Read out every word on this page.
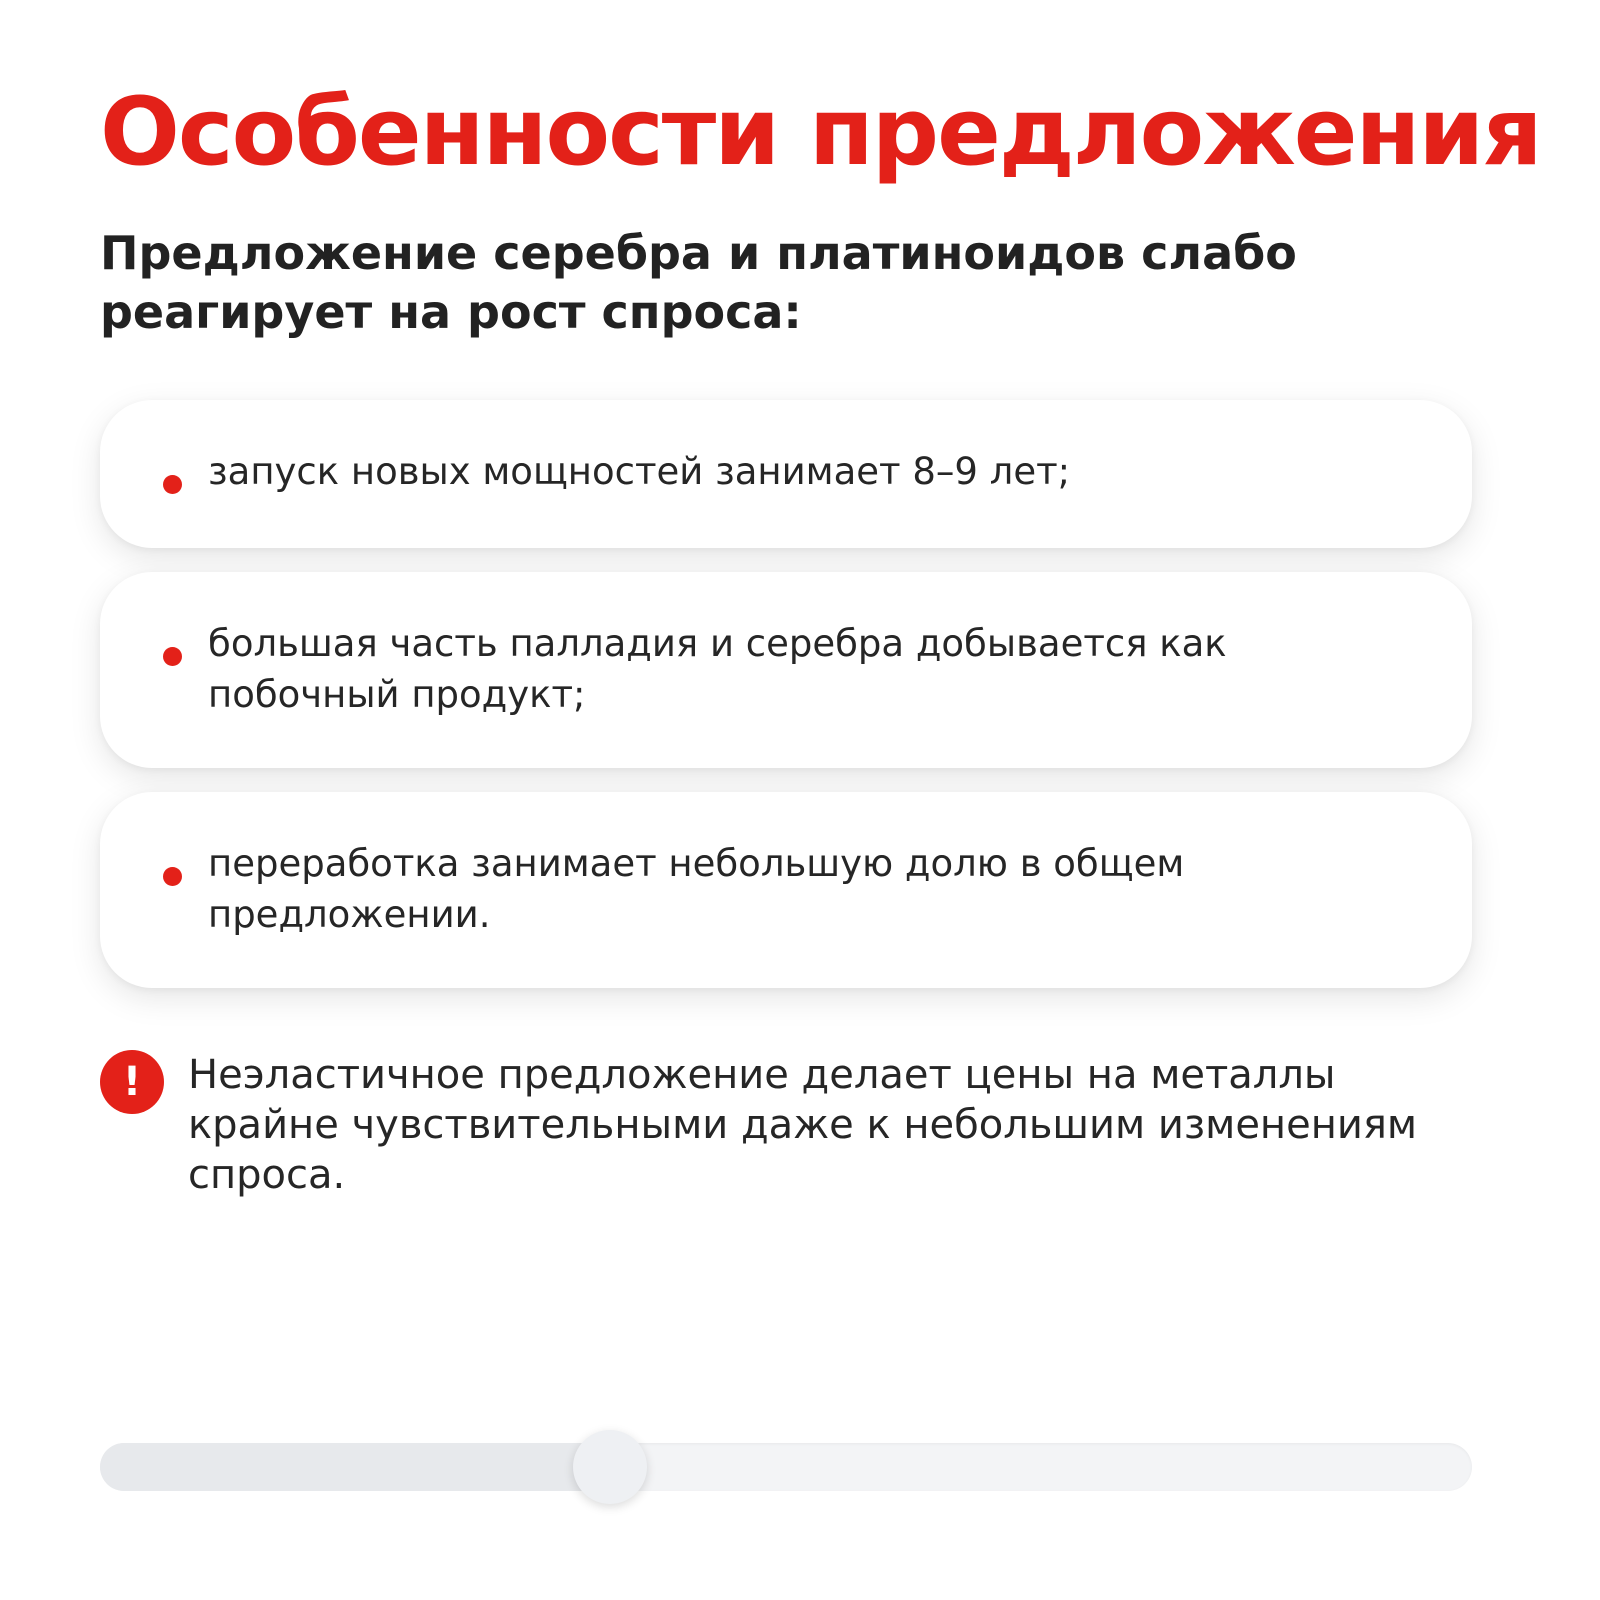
Особенности предложения

Предложение серебра и платиноидов слабо реагирует на рост спроса:

запуск новых мощностей занимает 8–9 лет;
большая часть палладия и серебра добывается как побочный продукт;
переработка занимает небольшую долю в общем предложении.
!	Неэластичное предложение делает цены на металлы крайне чувствительными даже к небольшим изменениям спроса.
